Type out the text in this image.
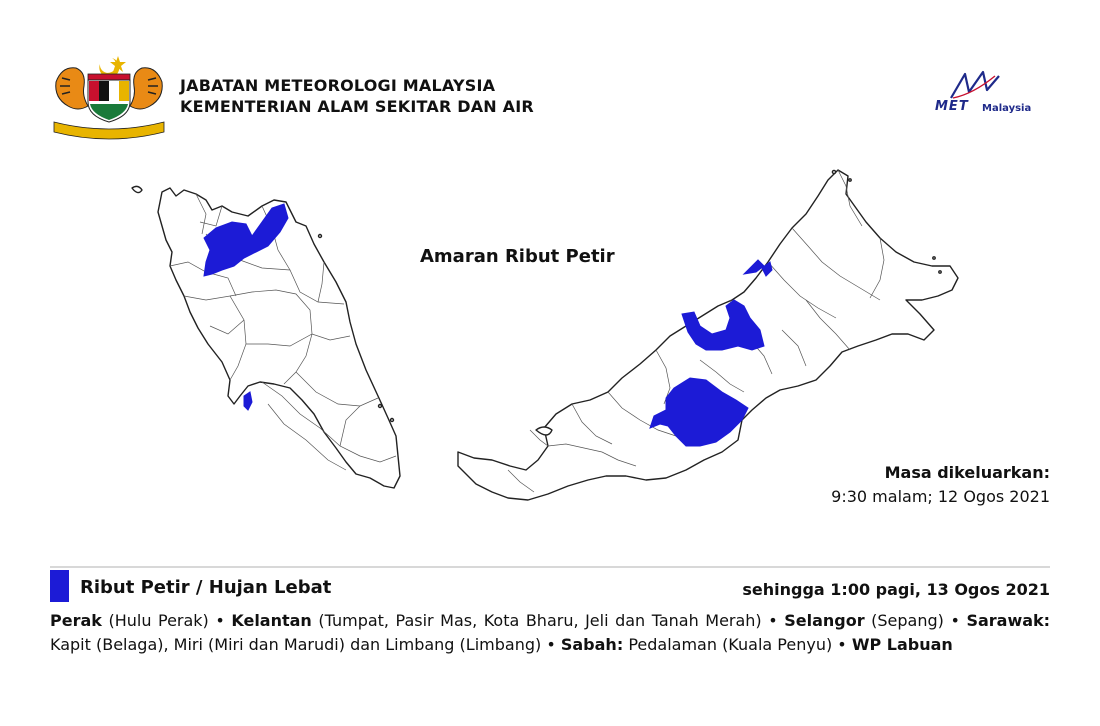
JABATAN METEOROLOGI MALAYSIA
KEMENTERIAN ALAM SEKITAR DAN AIR	MET Malaysia
Amaran Ribut Petir
Masa dikeluarkan:
9:30 malam; 12 Ogos 2021
Ribut Petir / Hujan Lebat	sehingga 1:00 pagi, 13 Ogos 2021
Perak (Hulu Perak) • Kelantan (Tumpat, Pasir Mas, Kota Bharu, Jeli dan Tanah Merah) • Selangor (Sepang) • Sarawak: Kapit (Belaga), Miri (Miri dan Marudi) dan Limbang (Limbang) • Sabah: Pedalaman (Kuala Penyu) • WP Labuan
